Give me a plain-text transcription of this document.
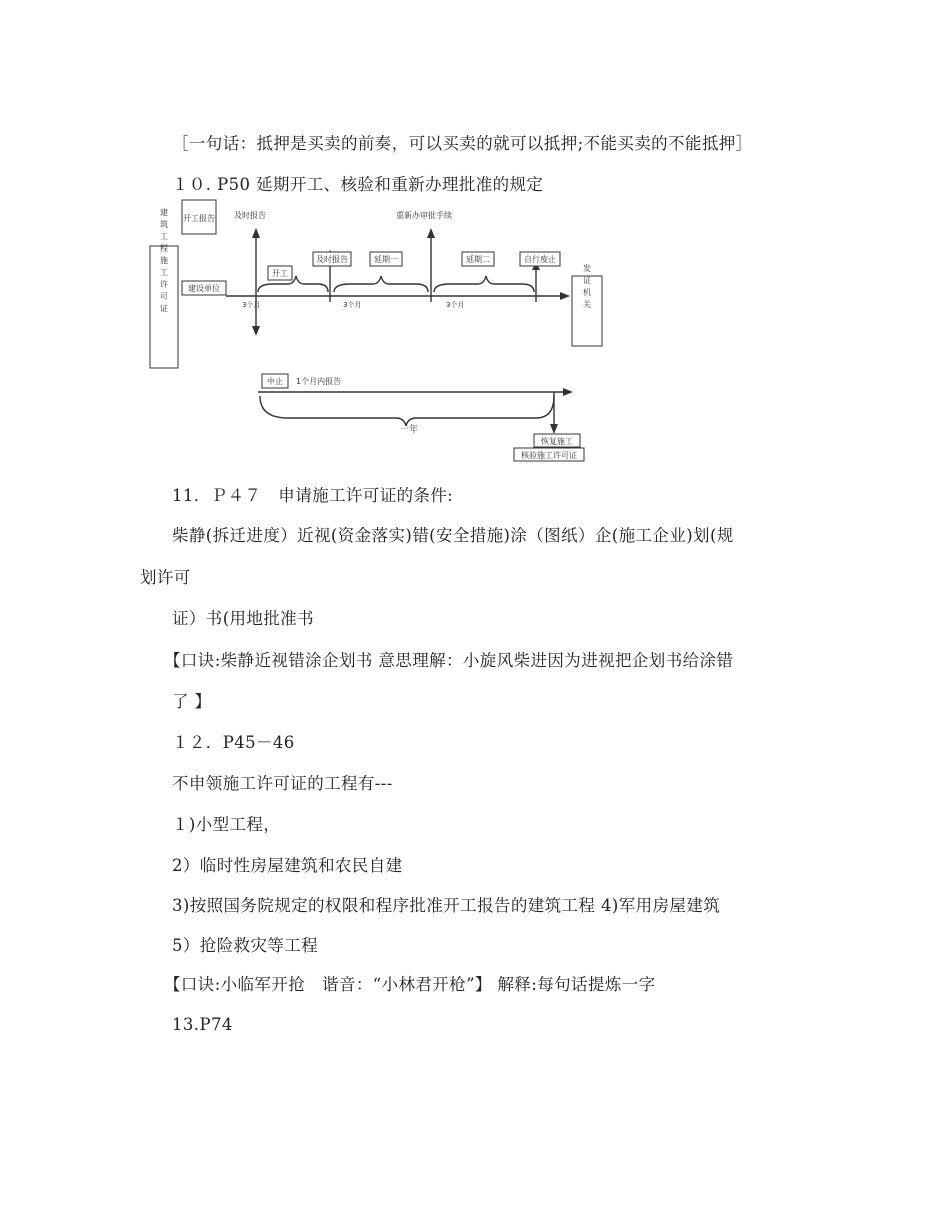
［一句话：抵押是买卖的前奏，可以买卖的就可以抵押;不能买卖的不能抵押］
１０. P50 延期开工、核验和重新办理批准的规定
开工报告 及时报告	重新办审批手续
建筑工程施工许可证 建设单位
开工
及时报告	延期一	延期二	自行废止
3个月	3个月	3个月	发证机关
中止 1个月内报告
一年
恢复施工
核验施工许可证
11．Ｐ４７　申请施工许可证的条件:
柴静(拆迁进度）近视(资金落实)错(安全措施)涂（图纸）企(施工企业)划(规
划许可
证）书(用地批准书
【口诀:柴静近视错涂企划书 意思理解：小旋风柴进因为进视把企划书给涂错
了 】
１２．P45－46
不申领施工许可证的工程有---
１)小型工程，
2）临时性房屋建筑和农民自建
3)按照国务院规定的权限和程序批准开工报告的建筑工程 4)军用房屋建筑
5）抢险救灾等工程
【口诀:小临军开抢　谐音：“小林君开枪”】 解释:每句话提炼一字
13.P74
